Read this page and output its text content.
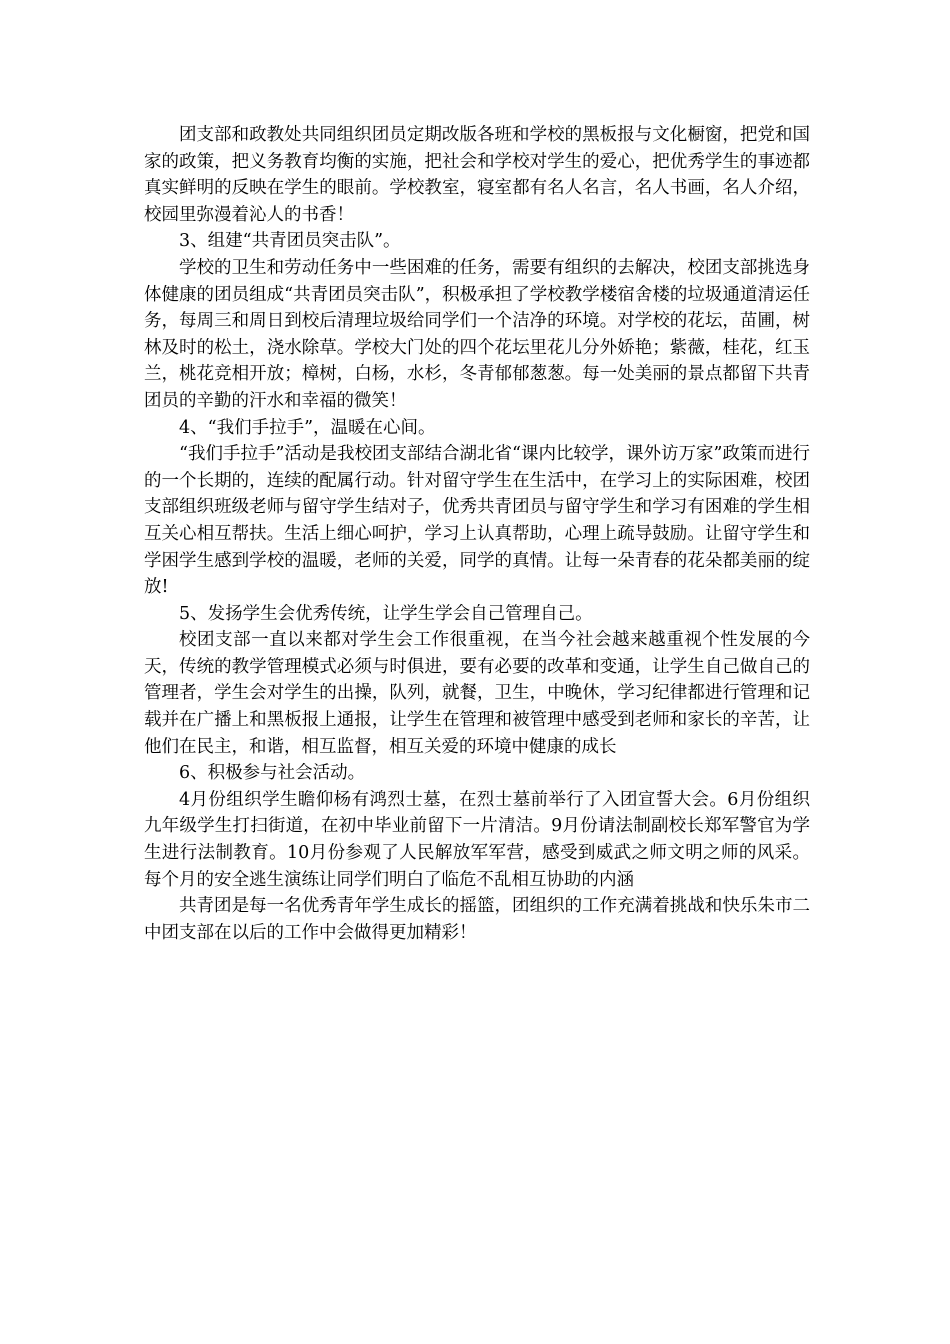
团支部和政教处共同组织团员定期改版各班和学校的黑板报与文化橱窗，把党和国家的政策，把义务教育均衡的实施，把社会和学校对学生的爱心，把优秀学生的事迹都真实鲜明的反映在学生的眼前。学校教室，寝室都有名人名言，名人书画，名人介绍，校园里弥漫着沁人的书香！

3、组建“共青团员突击队”。

学校的卫生和劳动任务中一些困难的任务，需要有组织的去解决，校团支部挑选身体健康的团员组成“共青团员突击队”，积极承担了学校教学楼宿舍楼的垃圾通道清运任务，每周三和周日到校后清理垃圾给同学们一个洁净的环境。对学校的花坛，苗圃，树林及时的松土，浇水除草。学校大门处的四个花坛里花儿分外娇艳；紫薇，桂花，红玉兰，桃花竞相开放；樟树，白杨，水杉，冬青郁郁葱葱。每一处美丽的景点都留下共青团员的辛勤的汗水和幸福的微笑！

4、“我们手拉手”，温暖在心间。

“我们手拉手”活动是我校团支部结合湖北省“课内比较学，课外访万家”政策而进行的一个长期的，连续的配属行动。针对留守学生在生活中，在学习上的实际困难，校团支部组织班级老师与留守学生结对子，优秀共青团员与留守学生和学习有困难的学生相互关心相互帮扶。生活上细心呵护，学习上认真帮助，心理上疏导鼓励。让留守学生和学困学生感到学校的温暖，老师的关爱，同学的真情。让每一朵青春的花朵都美丽的绽放!

5、发扬学生会优秀传统，让学生学会自己管理自己。

校团支部一直以来都对学生会工作很重视，在当今社会越来越重视个性发展的今天，传统的教学管理模式必须与时俱进，要有必要的改革和变通，让学生自己做自己的管理者，学生会对学生的出操，队列，就餐，卫生，中晚休，学习纪律都进行管理和记载并在广播上和黑板报上通报，让学生在管理和被管理中感受到老师和家长的辛苦，让他们在民主，和谐，相互监督，相互关爱的环境中健康的成长

6、积极参与社会活动。

4月份组织学生瞻仰杨有鸿烈士墓，在烈士墓前举行了入团宣誓大会。6月份组织九年级学生打扫街道，在初中毕业前留下一片清洁。9月份请法制副校长郑军警官为学生进行法制教育。10月份参观了人民解放军军营，感受到威武之师文明之师的风采。每个月的安全逃生演练让同学们明白了临危不乱相互协助的内涵

共青团是每一名优秀青年学生成长的摇篮，团组织的工作充满着挑战和快乐朱市二中团支部在以后的工作中会做得更加精彩！
